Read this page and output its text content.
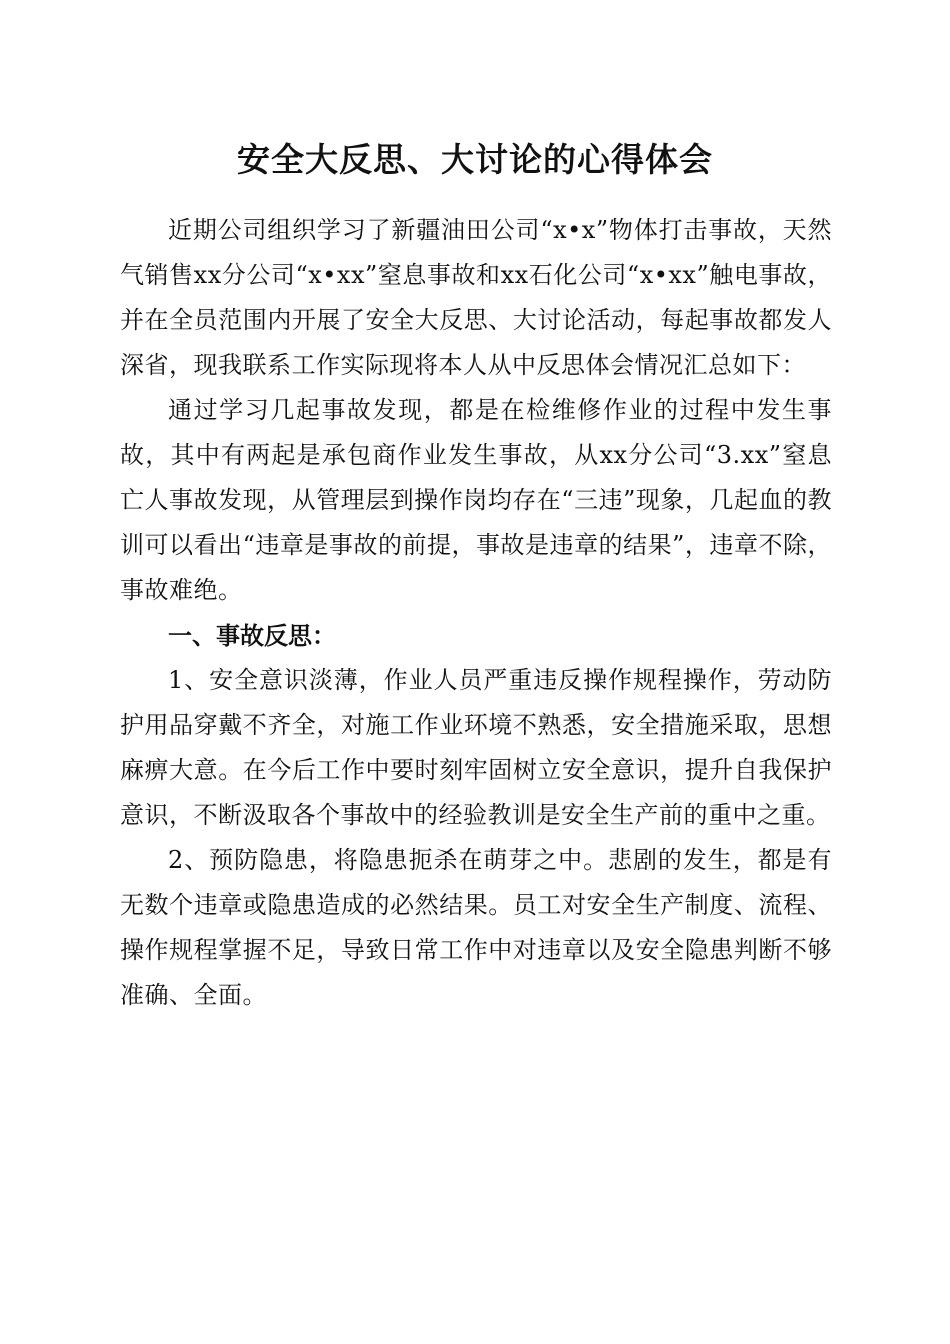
安全大反思、大讨论的心得体会

近期公司组织学习了新疆油田公司“x•x”物体打击事故，天然气销售xx分公司“x•xx”窒息事故和xx石化公司“x•xx”触电事故，并在全员范围内开展了安全大反思、大讨论活动，每起事故都发人深省，现我联系工作实际现将本人从中反思体会情况汇总如下：

通过学习几起事故发现，都是在检维修作业的过程中发生事故，其中有两起是承包商作业发生事故，从xx分公司“3.xx”窒息亡人事故发现，从管理层到操作岗均存在“三违”现象，几起血的教训可以看出“违章是事故的前提，事故是违章的结果”，违章不除，事故难绝。

一、事故反思：

1、安全意识淡薄，作业人员严重违反操作规程操作，劳动防护用品穿戴不齐全，对施工作业环境不熟悉，安全措施采取，思想麻痹大意。在今后工作中要时刻牢固树立安全意识，提升自我保护意识，不断汲取各个事故中的经验教训是安全生产前的重中之重。

2、预防隐患，将隐患扼杀在萌芽之中。悲剧的发生，都是有无数个违章或隐患造成的必然结果。员工对安全生产制度、流程、操作规程掌握不足，导致日常工作中对违章以及安全隐患判断不够准确、全面。
